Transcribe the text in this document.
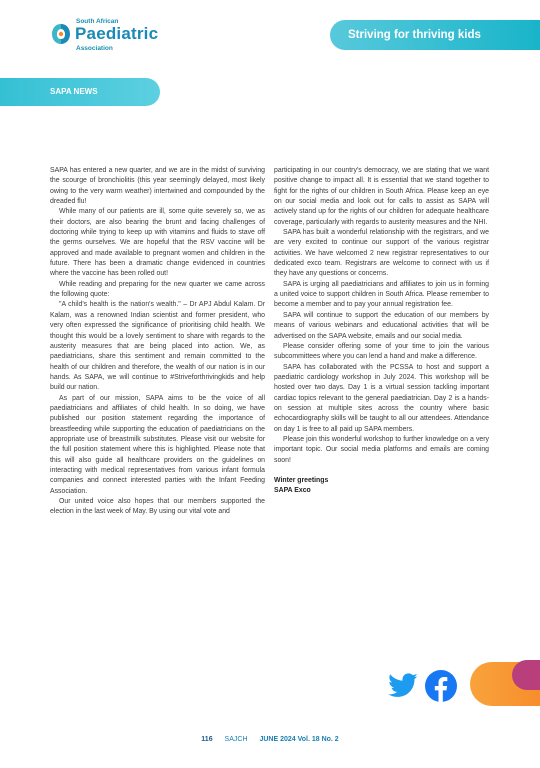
South African
Paediatric
Association
Striving for thriving kids
SAPA NEWS

SAPA has entered a new quarter, and we are in the midst of surviving the scourge of bronchiolitis (this year seemingly delayed, most likely owing to the very warm weather) intertwined and compounded by the dreaded flu!

While many of our patients are ill, some quite severely so, we as their doctors, are also bearing the brunt and facing challenges of doctoring while trying to keep up with vitamins and fluids to stave off the germs ourselves. We are hopeful that the RSV vaccine will be approved and made available to pregnant women and children in the future. There has been a dramatic change evidenced in countries where the vaccine has been rolled out!

While reading and preparing for the new quarter we came across the following quote:

"A child's health is the nation's wealth." – Dr APJ Abdul Kalam. Dr Kalam, was a renowned Indian scientist and former president, who very often expressed the significance of prioritising child health. We thought this would be a lovely sentiment to share with regards to the austerity measures that are being placed into action. We, as paediatricians, share this sentiment and remain committed to the health of our children and therefore, the wealth of our nation is in our hands. As SAPA, we will continue to #Striveforthrivingkids and help build our nation.

As part of our mission, SAPA aims to be the voice of all paediatricians and affiliates of child health. In so doing, we have published our position statement regarding the importance of breastfeeding while supporting the education of paediatricians on the appropriate use of breastmilk substitutes. Please visit our website for the full position statement where this is highlighted. Please note that this will also guide all healthcare providers on the guidelines on interacting with medical representatives from various infant formula companies and connect interested parties with the Infant Feeding Association.

Our united voice also hopes that our members supported the election in the last week of May. By using our vital vote and

participating in our country's democracy, we are stating that we want positive change to impact all. It is essential that we stand together to fight for the rights of our children in South Africa. Please keep an eye on our social media and look out for calls to assist as SAPA will actively stand up for the rights of our children for adequate healthcare coverage, particularly with regards to austerity measures and the NHI.

SAPA has built a wonderful relationship with the registrars, and we are very excited to continue our support of the various registrar activities. We have welcomed 2 new registrar representatives to our dedicated exco team. Registrars are welcome to connect with us if they have any questions or concerns.

SAPA is urging all paediatricians and affiliates to join us in forming a united voice to support children in South Africa. Please remember to become a member and to pay your annual registration fee.

SAPA will continue to support the education of our members by means of various webinars and educational activities that will be advertised on the SAPA website, emails and our social media.

Please consider offering some of your time to join the various subcommittees where you can lend a hand and make a difference.

SAPA has collaborated with the PCSSA to host and support a paediatric cardiology workshop in July 2024. This workshop will be hosted over two days. Day 1 is a virtual session tackling important cardiac topics relevant to the general paediatrician. Day 2 is a hands-on session at multiple sites across the country where basic echocardiography skills will be taught to all our attendees. Attendance on day 1 is free to all paid up SAPA members.

Please join this wonderful workshop to further knowledge on a very important topic. Our social media platforms and emails are coming soon!

Winter greetings
SAPA Exco

116 SAJCH JUNE 2024 Vol. 18 No. 2
